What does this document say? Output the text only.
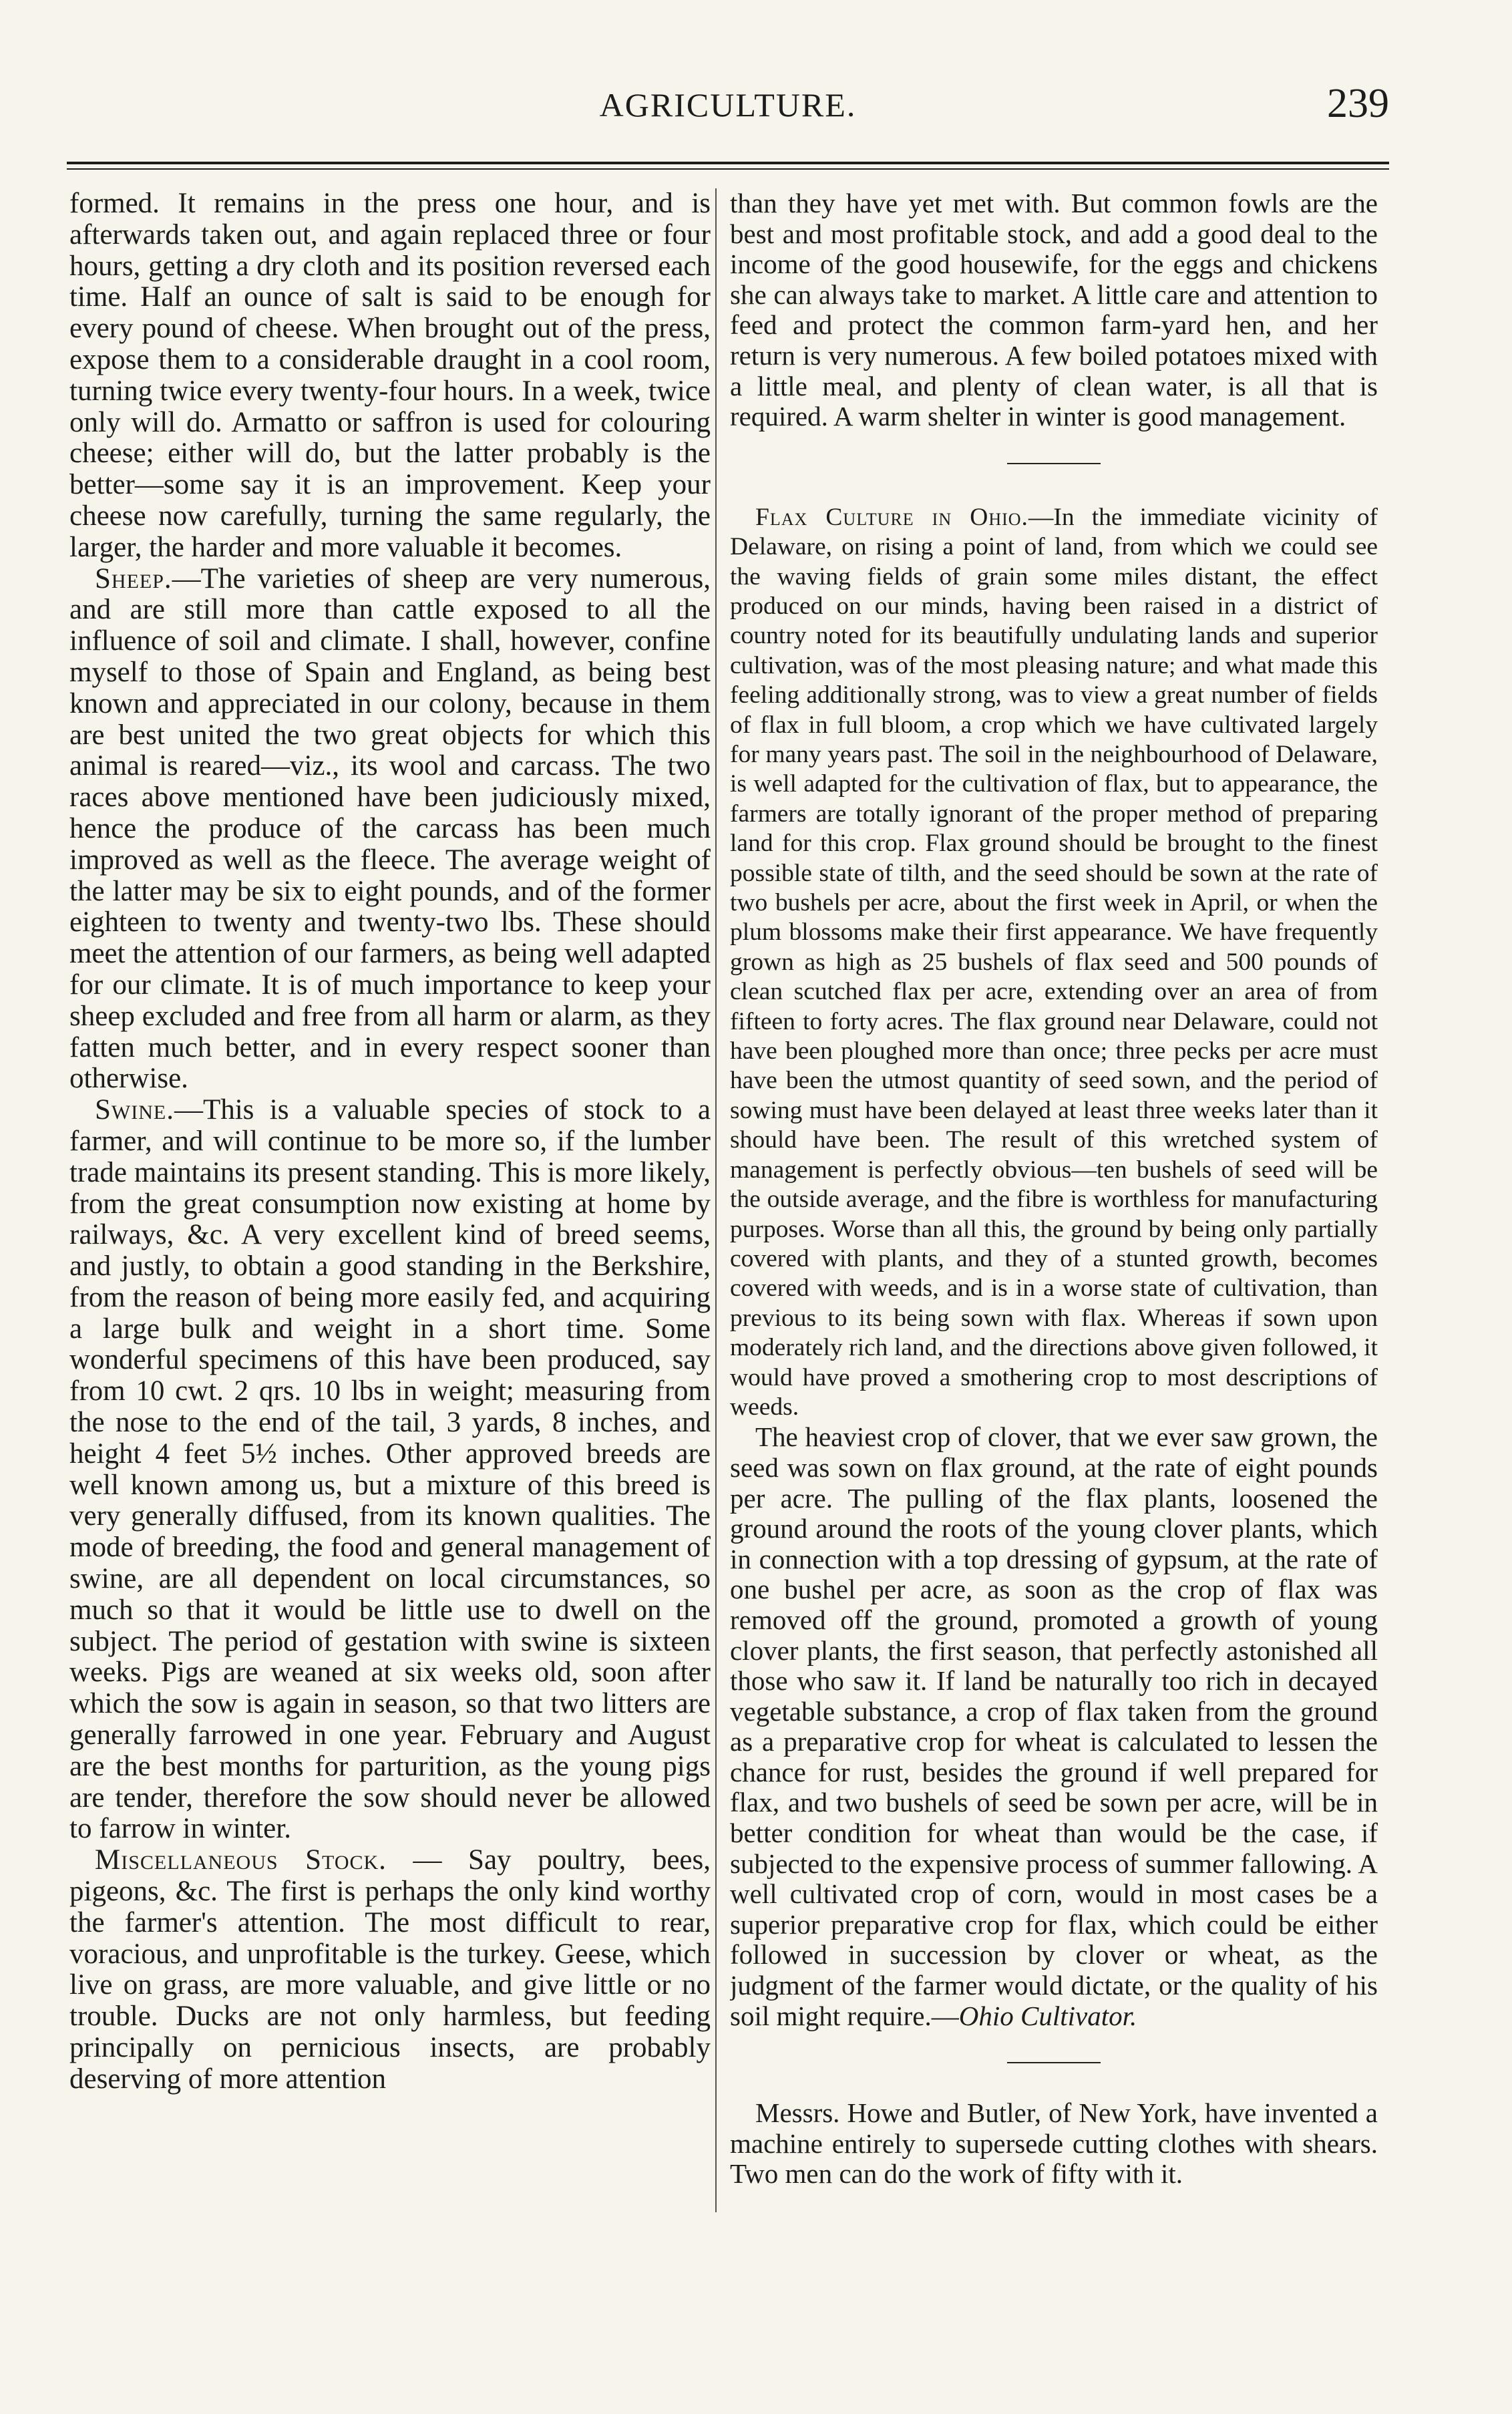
AGRICULTURE.	239

formed. It remains in the press one hour, and is afterwards taken out, and again replaced three or four hours, getting a dry cloth and its position reversed each time. Half an ounce of salt is said to be enough for every pound of cheese. When brought out of the press, expose them to a considerable draught in a cool room, turning twice every twenty-four hours. In a week, twice only will do. Armatto or saffron is used for colouring cheese; either will do, but the latter probably is the better—some say it is an improvement. Keep your cheese now carefully, turning the same regularly, the larger, the harder and more valuable it becomes.

Sheep.—The varieties of sheep are very numerous, and are still more than cattle exposed to all the influence of soil and climate. I shall, however, confine myself to those of Spain and England, as being best known and appreciated in our colony, because in them are best united the two great objects for which this animal is reared—viz., its wool and carcass. The two races above mentioned have been judiciously mixed, hence the produce of the carcass has been much improved as well as the fleece. The average weight of the latter may be six to eight pounds, and of the former eighteen to twenty and twenty-two lbs. These should meet the attention of our farmers, as being well adapted for our climate. It is of much importance to keep your sheep excluded and free from all harm or alarm, as they fatten much better, and in every respect sooner than otherwise.

Swine.—This is a valuable species of stock to a farmer, and will continue to be more so, if the lumber trade maintains its present standing. This is more likely, from the great consumption now existing at home by railways, &c. A very excellent kind of breed seems, and justly, to obtain a good standing in the Berkshire, from the reason of being more easily fed, and acquiring a large bulk and weight in a short time. Some wonderful specimens of this have been produced, say from 10 cwt. 2 qrs. 10 lbs in weight; measuring from the nose to the end of the tail, 3 yards, 8 inches, and height 4 feet 5½ inches. Other approved breeds are well known among us, but a mixture of this breed is very generally diffused, from its known qualities. The mode of breeding, the food and general management of swine, are all dependent on local circumstances, so much so that it would be little use to dwell on the subject. The period of gestation with swine is sixteen weeks. Pigs are weaned at six weeks old, soon after which the sow is again in season, so that two litters are generally farrowed in one year. February and August are the best months for parturition, as the young pigs are tender, therefore the sow should never be allowed to farrow in winter.

Miscellaneous Stock. — Say poultry, bees, pigeons, &c. The first is perhaps the only kind worthy the farmer's attention. The most difficult to rear, voracious, and unprofitable is the turkey. Geese, which live on grass, are more valuable, and give little or no trouble. Ducks are not only harmless, but feeding principally on pernicious insects, are probably deserving of more attention

than they have yet met with. But common fowls are the best and most profitable stock, and add a good deal to the income of the good housewife, for the eggs and chickens she can always take to market. A little care and attention to feed and protect the common farm-yard hen, and her return is very numerous. A few boiled potatoes mixed with a little meal, and plenty of clean water, is all that is required. A warm shelter in winter is good management.

Flax Culture in Ohio.—In the immediate vicinity of Delaware, on rising a point of land, from which we could see the waving fields of grain some miles distant, the effect produced on our minds, having been raised in a district of country noted for its beautifully undulating lands and superior cultivation, was of the most pleasing nature; and what made this feeling additionally strong, was to view a great number of fields of flax in full bloom, a crop which we have cultivated largely for many years past. The soil in the neighbourhood of Delaware, is well adapted for the cultivation of flax, but to appearance, the farmers are totally ignorant of the proper method of preparing land for this crop. Flax ground should be brought to the finest possible state of tilth, and the seed should be sown at the rate of two bushels per acre, about the first week in April, or when the plum blossoms make their first appearance. We have frequently grown as high as 25 bushels of flax seed and 500 pounds of clean scutched flax per acre, extending over an area of from fifteen to forty acres. The flax ground near Delaware, could not have been ploughed more than once; three pecks per acre must have been the utmost quantity of seed sown, and the period of sowing must have been delayed at least three weeks later than it should have been. The result of this wretched system of management is perfectly obvious—ten bushels of seed will be the outside average, and the fibre is worthless for manufacturing purposes. Worse than all this, the ground by being only partially covered with plants, and they of a stunted growth, becomes covered with weeds, and is in a worse state of cultivation, than previous to its being sown with flax. Whereas if sown upon moderately rich land, and the directions above given followed, it would have proved a smothering crop to most descriptions of weeds.

The heaviest crop of clover, that we ever saw grown, the seed was sown on flax ground, at the rate of eight pounds per acre. The pulling of the flax plants, loosened the ground around the roots of the young clover plants, which in connection with a top dressing of gypsum, at the rate of one bushel per acre, as soon as the crop of flax was removed off the ground, promoted a growth of young clover plants, the first season, that perfectly astonished all those who saw it. If land be naturally too rich in decayed vegetable substance, a crop of flax taken from the ground as a preparative crop for wheat is calculated to lessen the chance for rust, besides the ground if well prepared for flax, and two bushels of seed be sown per acre, will be in better condition for wheat than would be the case, if subjected to the expensive process of summer fallowing. A well cultivated crop of corn, would in most cases be a superior preparative crop for flax, which could be either followed in succession by clover or wheat, as the judgment of the farmer would dictate, or the quality of his soil might require.—Ohio Cultivator.

Messrs. Howe and Butler, of New York, have invented a machine entirely to supersede cutting clothes with shears. Two men can do the work of fifty with it.
